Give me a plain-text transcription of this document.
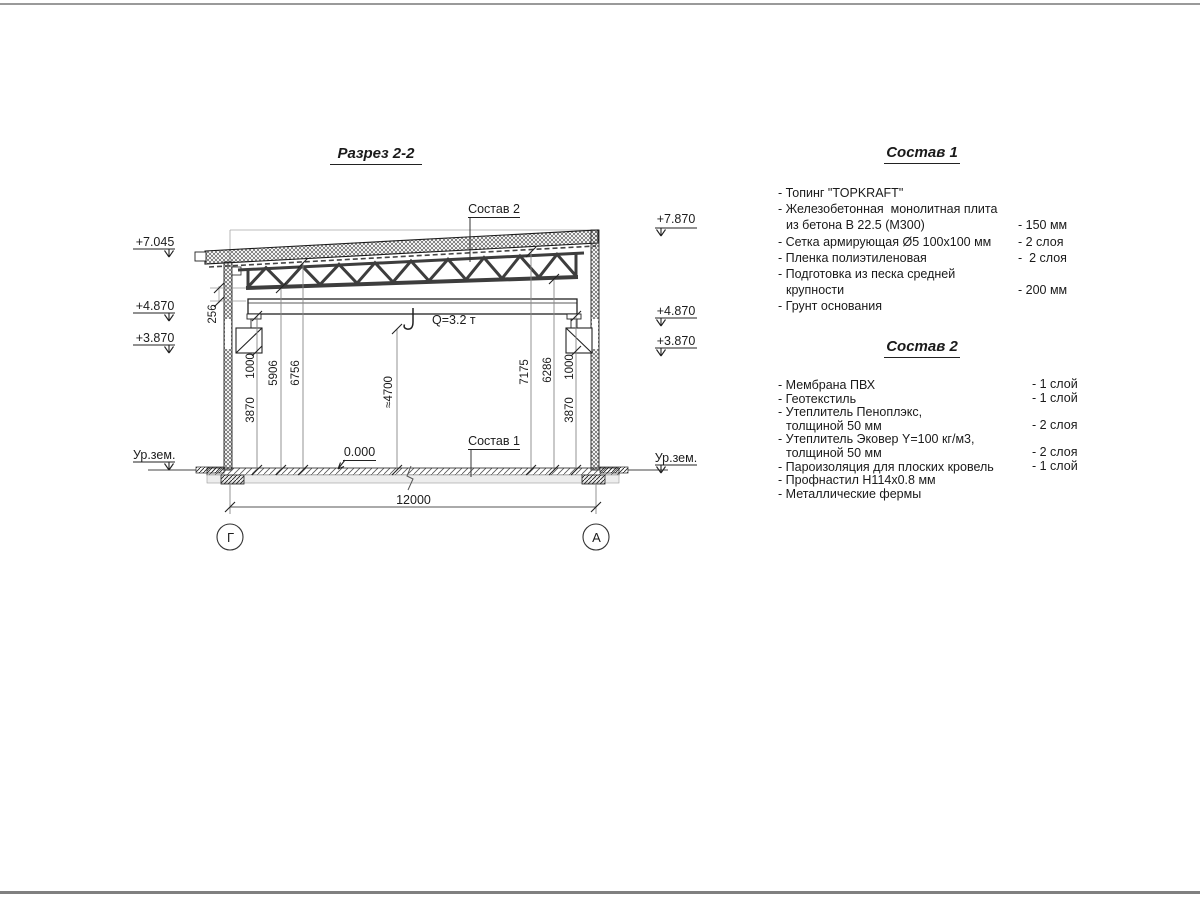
Разрез 2-2
Состав 2
Состав 1
Q=3.2 т
0.000
12000
Г	А
+7.045
+4.870
+3.870
Ур.зем.
+7.870
+4.870
+3.870
Ур.зем.
256
1000
3870
5906 6756
≈4700
7175 6286 1000
3870
Состав 1
- Топинг "TOPKRAFT"
- Железобетонная  монолитная плита
из бетона В 22.5 (М300)	- 150 мм
- Сетка армирующая Ø5 100x100 мм - 2 слоя
- Пленка полиэтиленовая	-  2 слоя
- Подготовка из песка средней
крупности	- 200 мм
- Грунт основания
Состав 2
- Мембрана ПВХ	- 1 слой
- Геотекстиль	- 1 слой
- Утеплитель Пеноплэкс,
толщиной 50 мм	- 2 слоя
- Утеплитель Эковер Y=100 кг/м3,
толщиной 50 мм	- 2 слоя
- Пароизоляция для плоских кровель	- 1 слой
- Профнастил Н114х0.8 мм
- Металлические фермы
